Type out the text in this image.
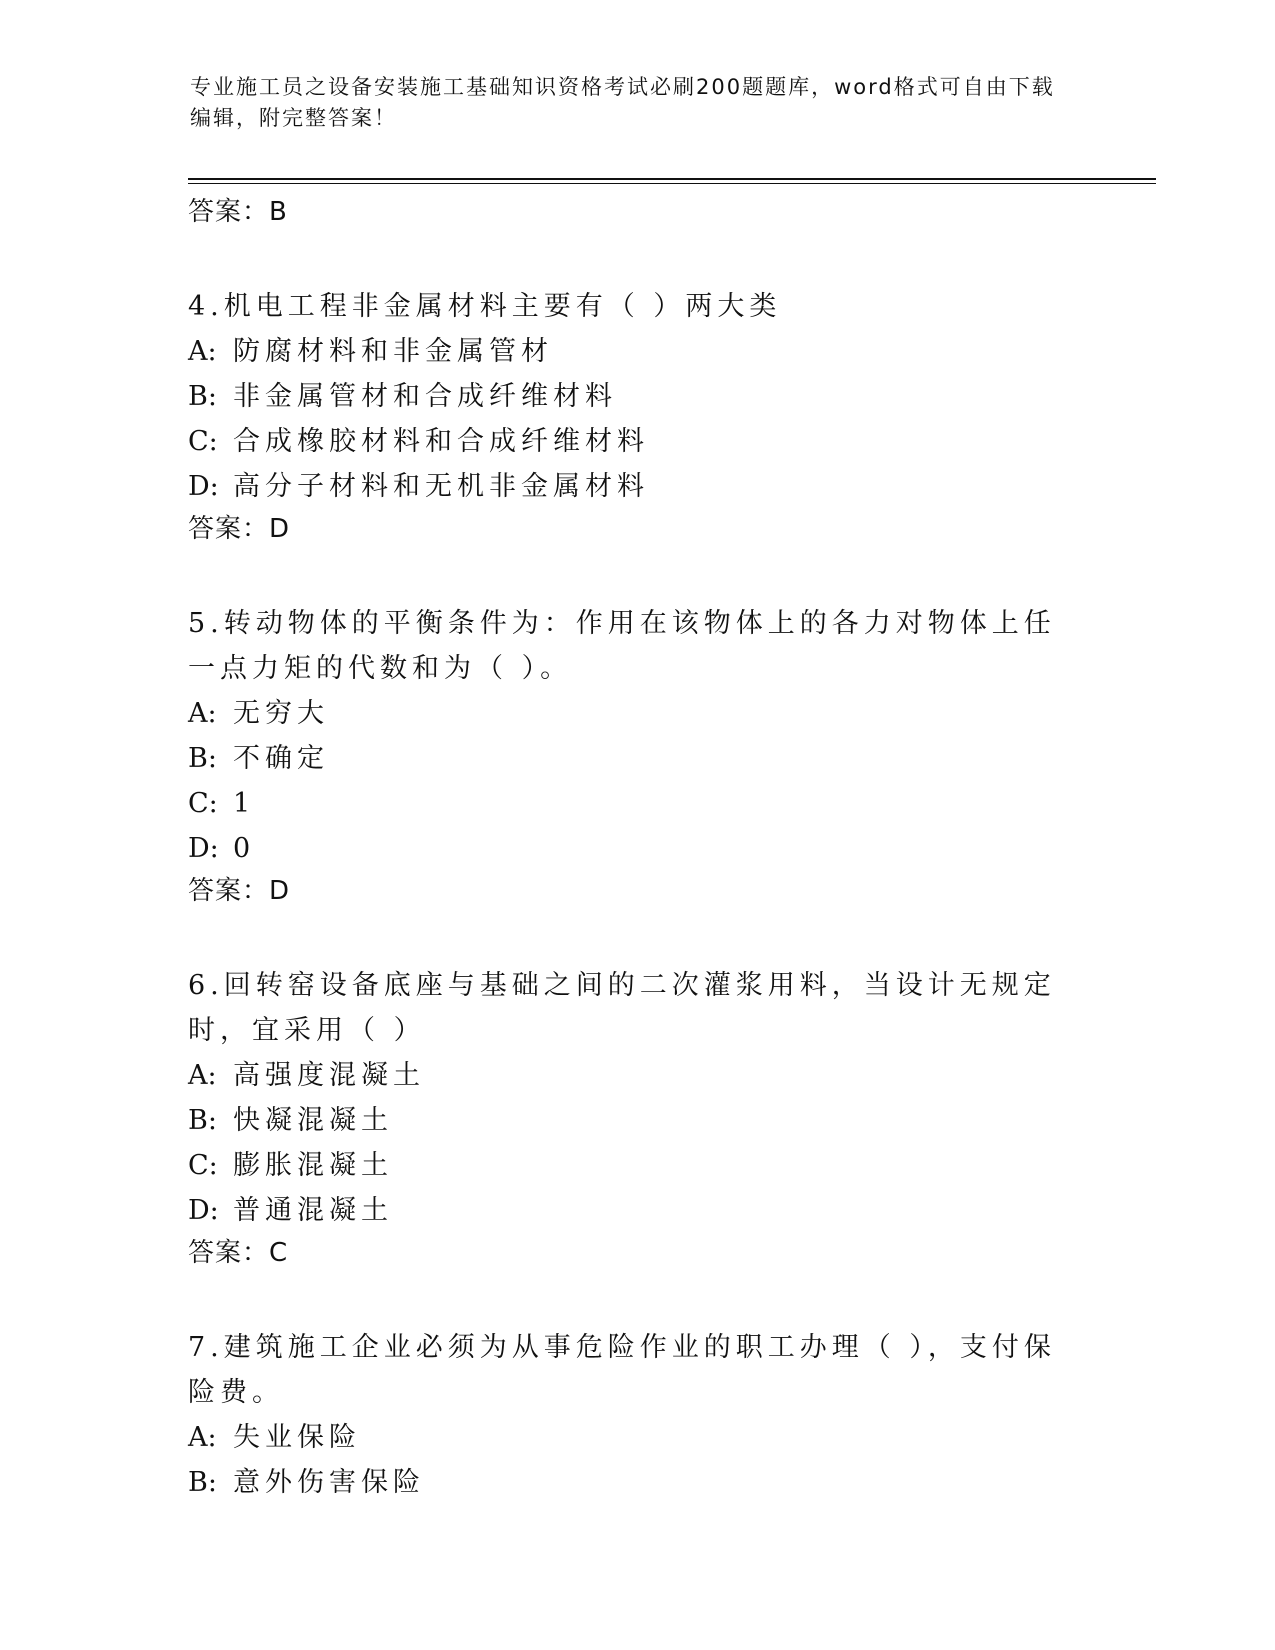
专业施工员之设备安装施工基础知识资格考试必刷200题题库，word格式可自由下载编辑，附完整答案！
答案：B
4.机电工程非金属材料主要有（ ）两大类
A: 防腐材料和非金属管材
B: 非金属管材和合成纤维材料
C: 合成橡胶材料和合成纤维材料
D: 高分子材料和无机非金属材料
答案：D
5.转动物体的平衡条件为：作用在该物体上的各力对物体上任一点力矩的代数和为（ ）。
A: 无穷大
B: 不确定
C: 1
D: 0
答案：D
6.回转窑设备底座与基础之间的二次灌浆用料，当设计无规定时，宜采用（ ）
A: 高强度混凝土
B: 快凝混凝土
C: 膨胀混凝土
D: 普通混凝土
答案：C
7.建筑施工企业必须为从事危险作业的职工办理（ ），支付保险费。
A: 失业保险
B: 意外伤害保险
